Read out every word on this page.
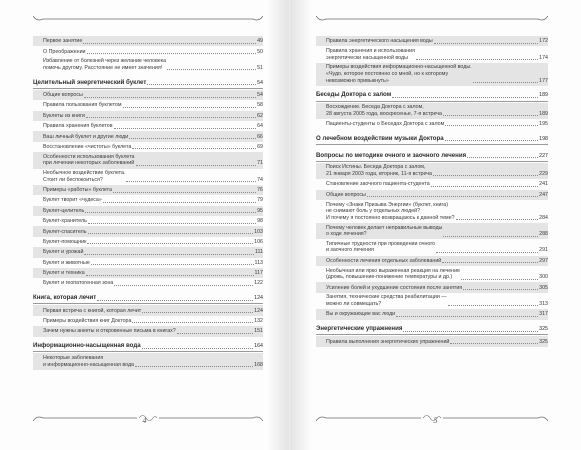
Первое занятие	49
О Преображении	50
Избавление от болезней через желание человека
помочь другому. Расстояние не имеет значения!	51
Целительный энергетический буклет	54
Общие вопросы	54
Правила пользования буклетом	58
Буклеты из книги	62
Правила хранения буклетов	64
Ваш личный буклет и другие люди	66
Восстановление «чистоты» буклета	69
Особенности использования буклета
при лечении некоторых заболеваний	71
Необычное воздействие буклета.
Стоит ли беспокоиться?	74
Примеры «работы» буклета	76
Буклет творит «чудеса»	79
Буклет-целитель	95
Буклет-хранитель	98
Буклет-спаситель	103
Буклет-помощник	106
Буклет и урожай	111
Буклет и животные	113
Буклет и техника	117
Буклет и геопатогенная зона	122
Книга, которая лечит	124
Первая встреча с книгой, которая лечит	124
Примеры воздействия книг Доктора	132
Зачем нужны анкеты и откровенные письма в книгах?	151
Информационно-насыщенная вода	164
Некоторые заболевания
и информационно-насыщенная вода	168
4
Правила энергетического насыщения воды	172
Правила хранения и использования
энергетически насыщенной воды	174
Примеры воздействия информационно-насыщенной воды.
«Чудо, которое постоянно со мной, но к которому
невозможно привыкнуть»	177
Беседы Доктора с залом	189
Восхождение. Беседа Доктора с залом,
28 августа 2005 года, воскресенье, 7-я встреча	189
Пациенты-студенты о Беседах Доктора с залом	195
О лечебном воздействии музыки Доктора	198
Вопросы по методике очного и заочного лечения	227
Поиск Истины. Беседа Доктора с залом,
21 января 2003 года, вторник, 11-я встреча	229
Становление заочного пациента-студента	241
Общие вопросы	247
Почему «Знаки Призыва Энергии» (буклет, книга)
не снимают боль у отдельных людей?
И почему я постоянно возвращаюсь к данной теме?	284
Почему человек делает неправильные выводы
о ходе лечения?	288
Типичные трудности при проведении очного
и заочного лечения	291
Особенности лечения отдельных заболеваний	297
Необычная или ярко выраженная реакция на лечение
(дрожь, повышение-понижение температуры и др.)	300
Усиление болей и ухудшение состояния после занятия	305
Занятия, технические средства реабилитации —
можно ли совмещать?	313
Вы и окружающие вас люди	317
Энергетические упражнения	325
Правила выполнения энергетических упражнений	325
5
